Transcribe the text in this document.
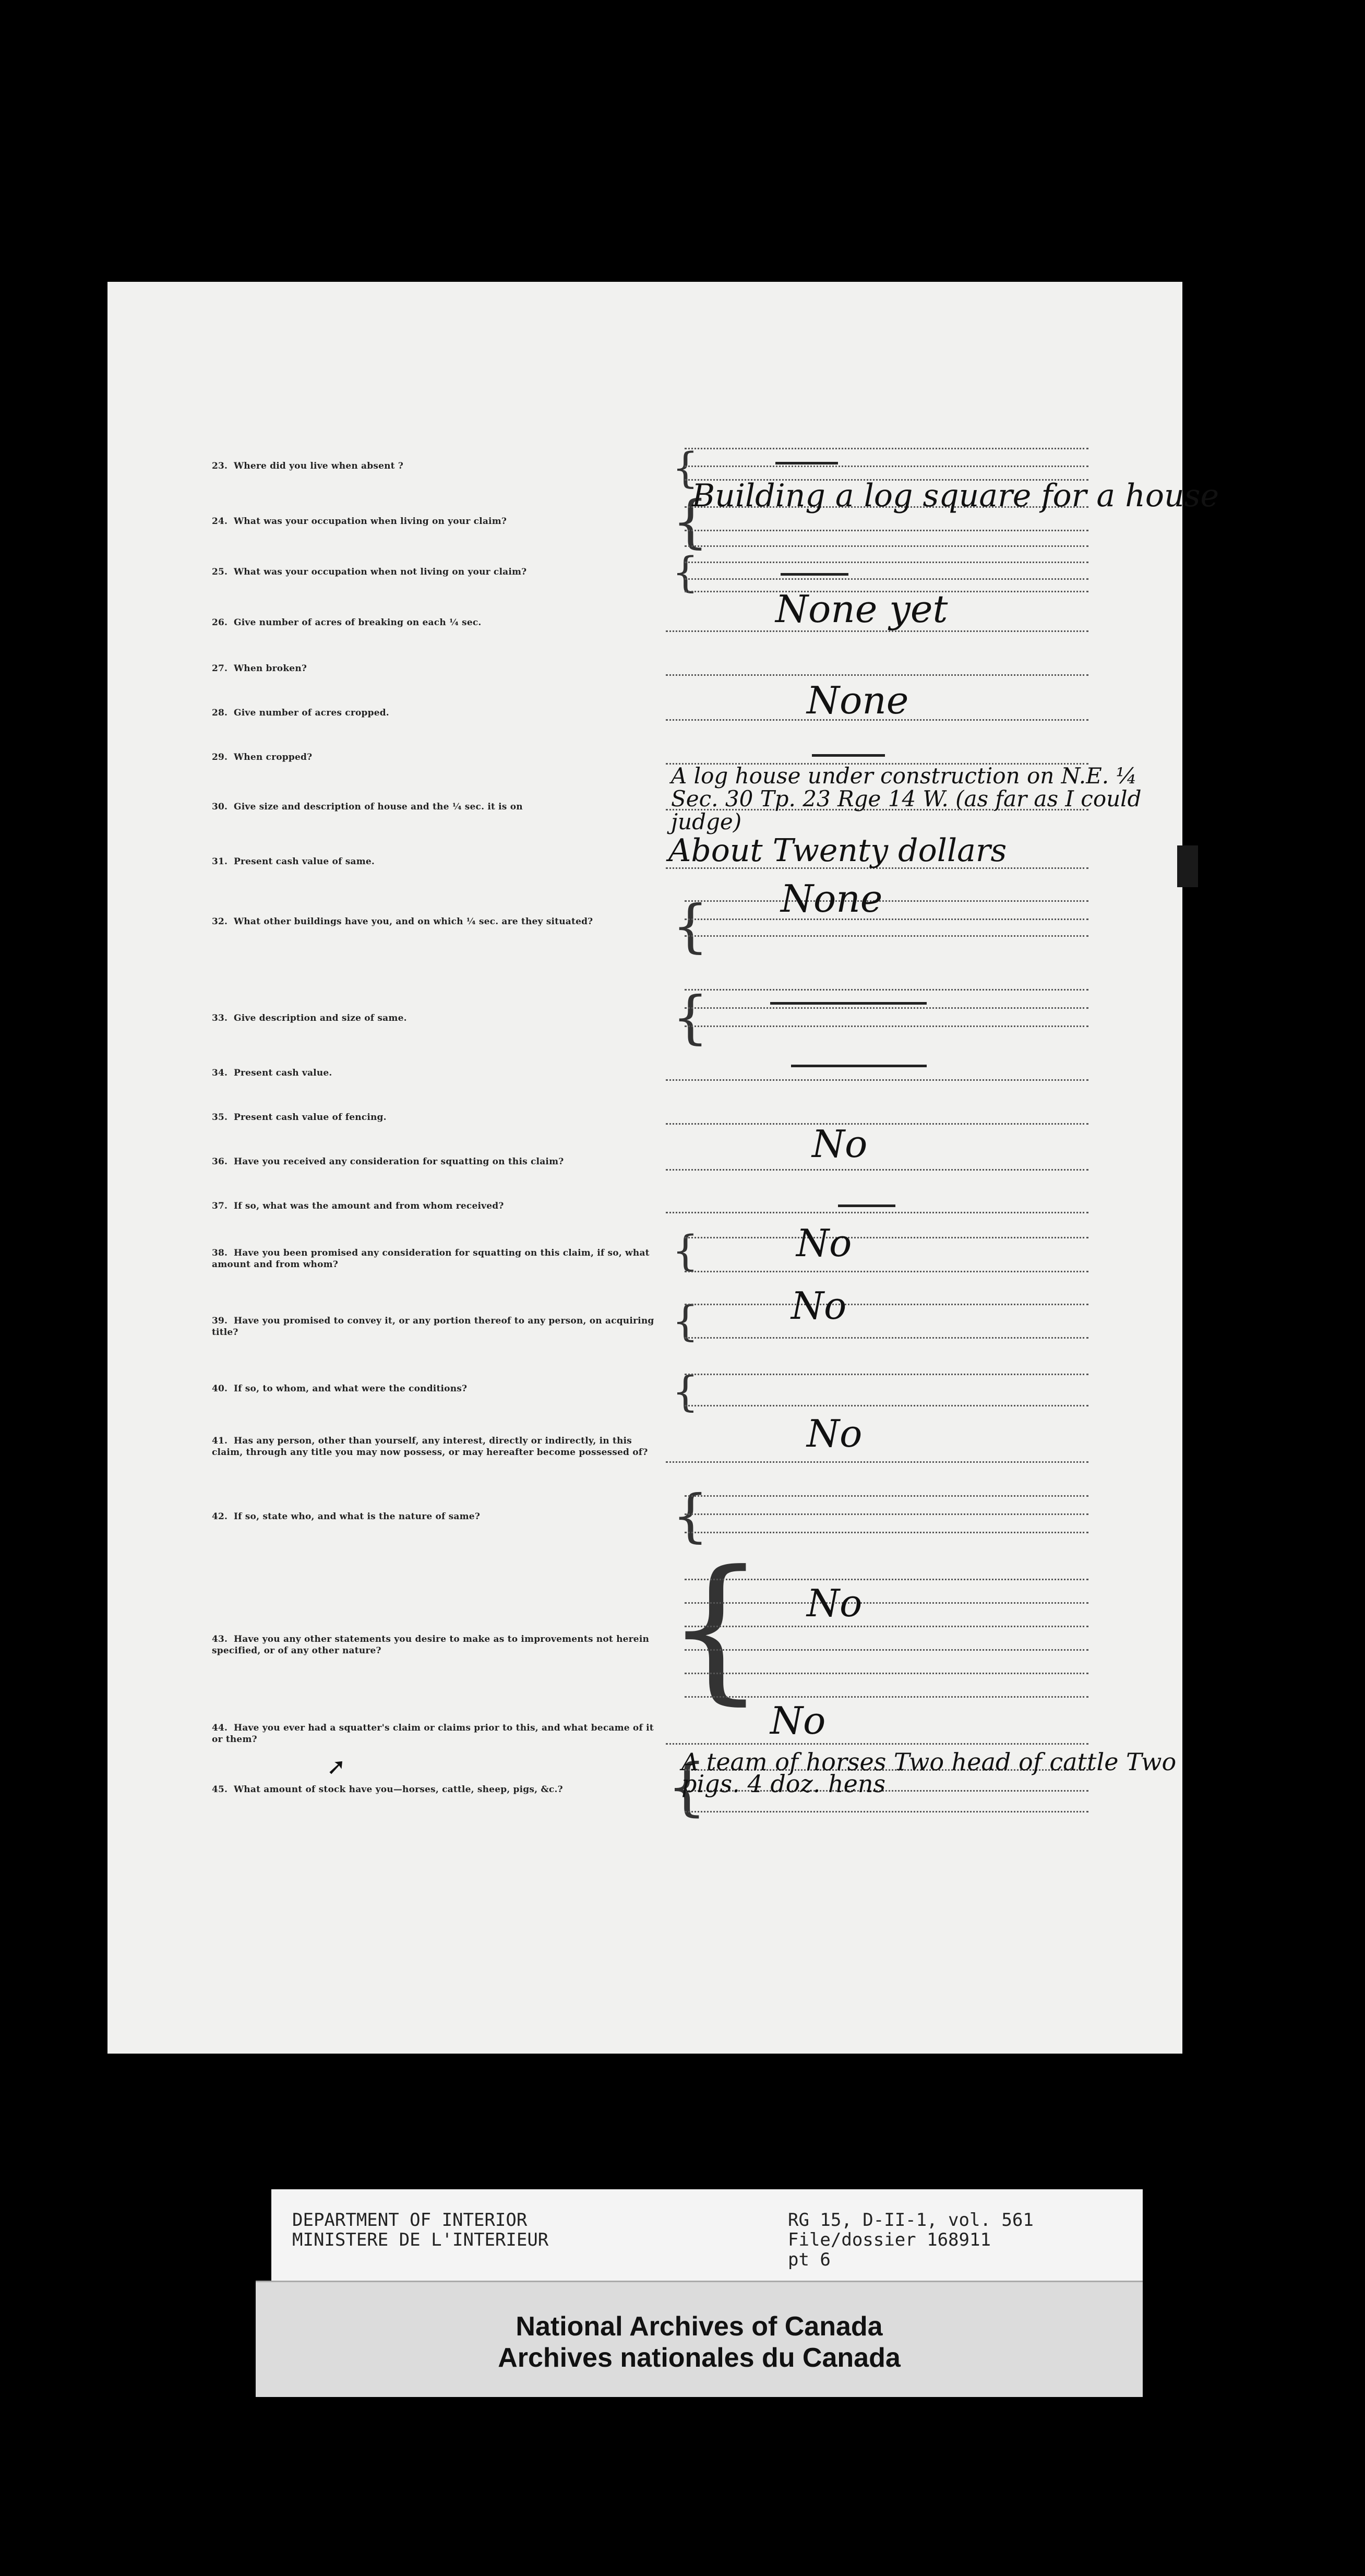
23. Where did you live when absent ?	{
24. What was your occupation when living on your claim?	{
Building a log square for a house
25. What was your occupation when not living on your claim?	{
26. Give number of acres of breaking on each ¼ sec.	None yet
27. When broken?
28. Give number of acres cropped.	None
29. When cropped?
30. Give size and description of house and the ¼ sec. it is on
A log house under construction on N.E. ¼ Sec. 30 Tp. 23 Rge 14 W. (as far as I could judge)
31. Present cash value of same.	About Twenty dollars
32. What other buildings have you, and on which ¼ sec. are they situated? { None
33. Give description and size of same.	{
34. Present cash value.
35. Present cash value of fencing.
36. Have you received any consideration for squatting on this claim?	No
37. If so, what was the amount and from whom received?
38. Have you been promised any consideration for squatting on this claim, if so, what amount and from whom?	{	No
39. Have you promised to convey it, or any portion thereof to any person, on acquiring title?	{ No
40. If so, to whom, and what were the conditions?	{
41. Has any person, other than yourself, any interest, directly or indirectly, in this claim, through any title you may now possess, or may hereafter become possessed of?	No
42. If so, state who, and what is the nature of same?	{
43. Have you any other statements you desire to make as to improvements not herein specified, or of any other nature?	{ No
44. Have you ever had a squatter's claim or claims prior to this, and what became of it or them?	No
➚
45. What amount of stock have you—horses, cattle, sheep, pigs, &c.? {
A team of horses Two head of cattle Two pigs. 4 doz. hens
DEPARTMENT OF INTERIOR
MINISTERE DE L'INTERIEUR
RG 15, D-II-1, vol. 561
File/dossier 168911
pt 6
National Archives of Canada
Archives nationales du Canada
